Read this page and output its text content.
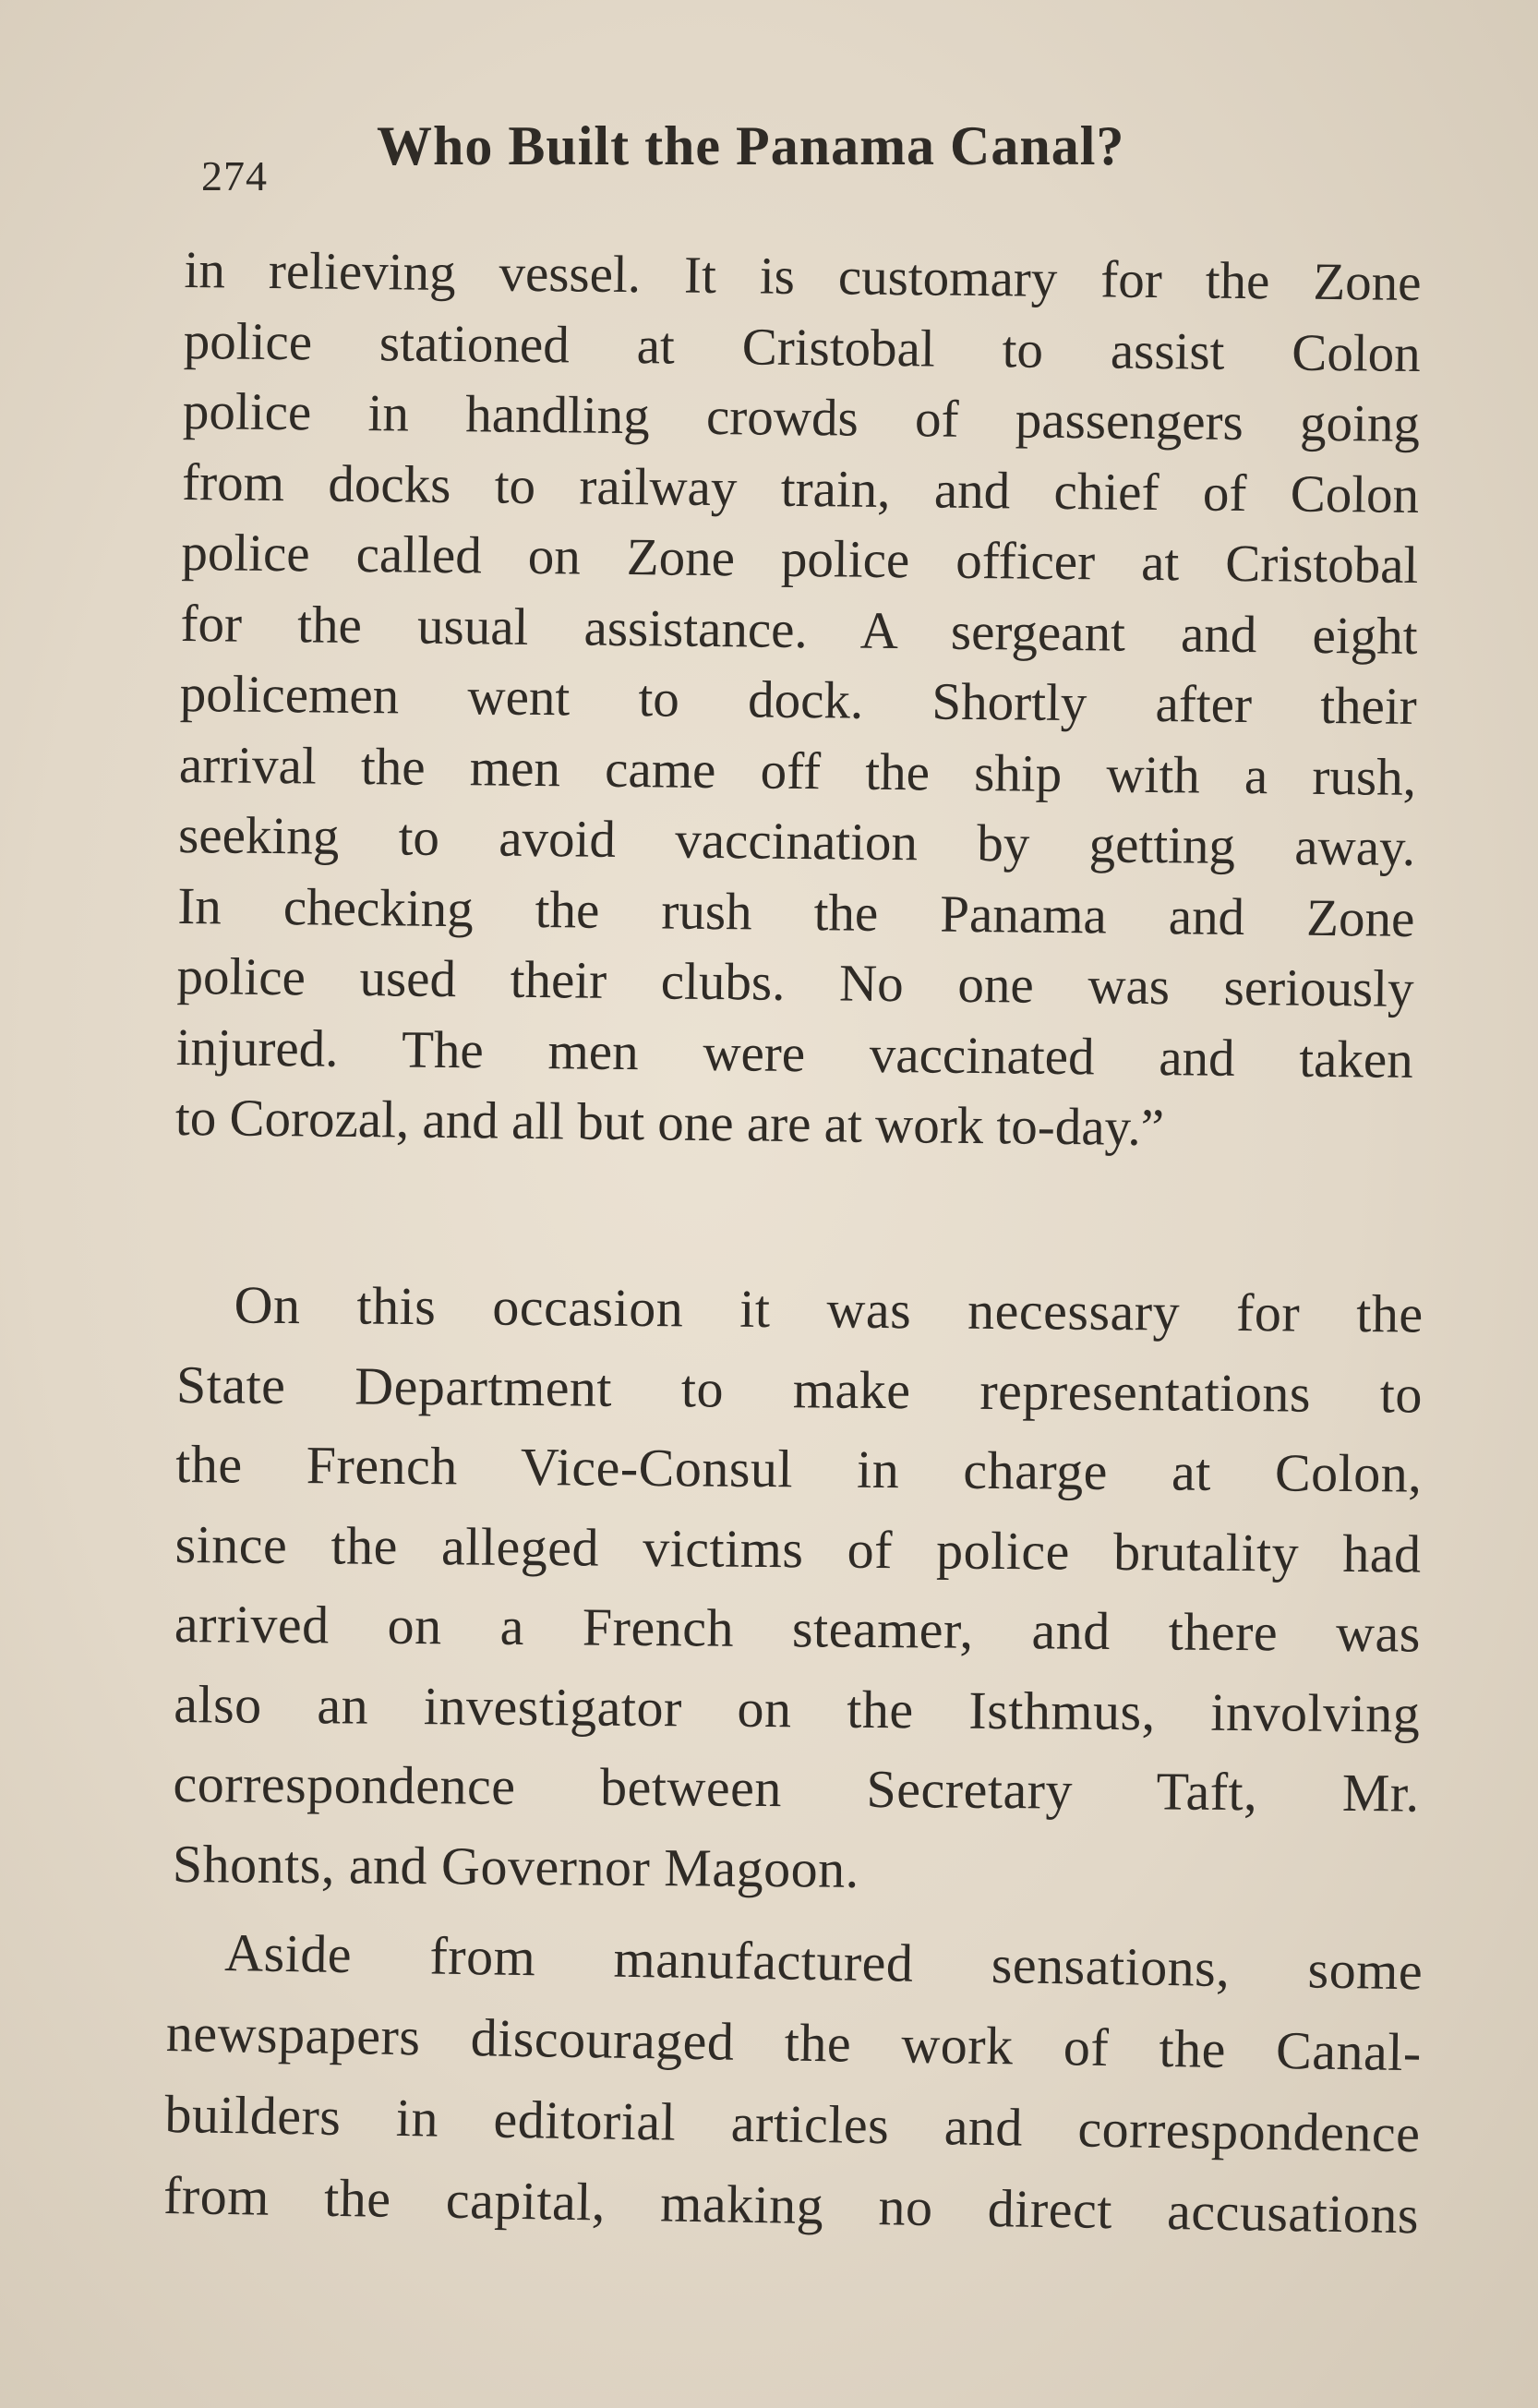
274 Who Built the Panama Canal?
in relieving vessel. It is customary for the Zone
police stationed at Cristobal to assist Colon
police in handling crowds of passengers going
from docks to railway train, and chief of Colon
police called on Zone police officer at Cristobal
for the usual assistance. A sergeant and eight
policemen went to dock. Shortly after their
arrival the men came off the ship with a rush,
seeking to avoid vaccination by getting away.
In checking the rush the Panama and Zone
police used their clubs. No one was seriously
injured. The men were vaccinated and taken
to Corozal, and all but one are at work to-day.”
On this occasion it was necessary for the
State Department to make representations to
the French Vice-Consul in charge at Colon,
since the alleged victims of police brutality had
arrived on a French steamer, and there was
also an investigator on the Isthmus, involving
correspondence between Secretary Taft, Mr.
Shonts, and Governor Magoon.
Aside from manufactured sensations, some
newspapers discouraged the work of the Canal-
builders in editorial articles and correspondence
from the capital, making no direct accusations
